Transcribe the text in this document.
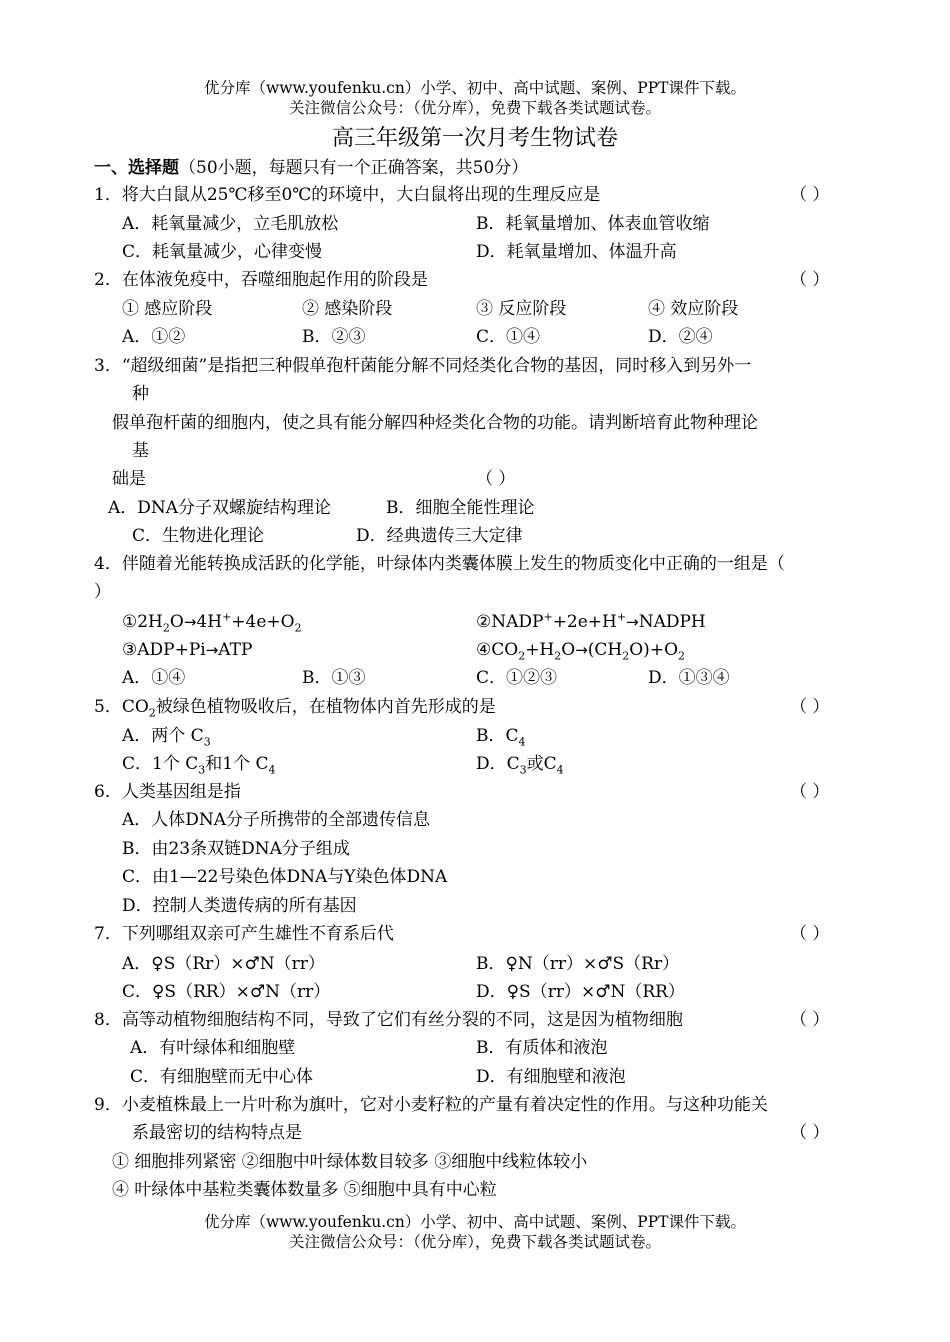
优分库（www.youfenku.cn）小学、初中、高中试题、案例、PPT课件下载。
关注微信公众号：（优分库），免费下载各类试题试卷。
高三年级第一次月考生物试卷
一、选择题（50小题，每题只有一个正确答案，共50分）
1．将大白鼠从25℃移至0℃的环境中，大白鼠将出现的生理反应是	（ ）
A．耗氧量减少，立毛肌放松	B．耗氧量增加、体表血管收缩
C．耗氧量减少，心律变慢	D．耗氧量增加、体温升高
2．在体液免疫中，吞噬细胞起作用的阶段是	（ ）
① 感应阶段	② 感染阶段	③ 反应阶段	④ 效应阶段
A．①②	B．②③	C．①④	D．②④
3．“超级细菌”是指把三种假单孢杆菌能分解不同烃类化合物的基因，同时移入到另外一
种
假单孢杆菌的细胞内，使之具有能分解四种烃类化合物的功能。请判断培育此物种理论
基
础是	（ ）
A．DNA分子双螺旋结构理论	B．细胞全能性理论
C．生物进化理论	D．经典遗传三大定律
4．伴随着光能转换成活跃的化学能，叶绿体内类囊体膜上发生的物质变化中正确的一组是（
）
$①2H_2O\to 4H^++4e+O_2$	②NADP++2e+H+→NADPH
③ADP+Pi→ATP	$④CO_2+H_2O\to(CH_2O)+O_2$
A．①④	B．①③	C．①②③	D．①③④
5．$CO_2$被绿色植物吸收后，在植物体内首先形成的是	（ ）
A．两个 $C_3$	B．$C_4$
C．1个 $C_3$和1个 $C_4$	D．$C_3$或$C_4$
6．人类基因组是指	（ ）
A．人体DNA分子所携带的全部遗传信息
B．由23条双链DNA分子组成
C．由1—22号染色体DNA与Y染色体DNA
D．控制人类遗传病的所有基因
7．下列哪组双亲可产生雄性不育系后代	（ ）
A．♀S（Rr）×♂N（rr）	B．♀N（rr）×♂S（Rr）
C．♀S（RR）×♂N（rr）	D．♀S（rr）×♂N（RR）
8．高等动植物细胞结构不同，导致了它们有丝分裂的不同，这是因为植物细胞	（ ）
A．有叶绿体和细胞壁	B．有质体和液泡
C．有细胞壁而无中心体	D．有细胞壁和液泡
9．小麦植株最上一片叶称为旗叶，它对小麦籽粒的产量有着决定性的作用。与这种功能关
系最密切的结构特点是	（ ）
① 细胞排列紧密 ②细胞中叶绿体数目较多 ③细胞中线粒体较小
④ 叶绿体中基粒类囊体数量多 ⑤细胞中具有中心粒
优分库（www.youfenku.cn）小学、初中、高中试题、案例、PPT课件下载。
关注微信公众号：（优分库），免费下载各类试题试卷。
